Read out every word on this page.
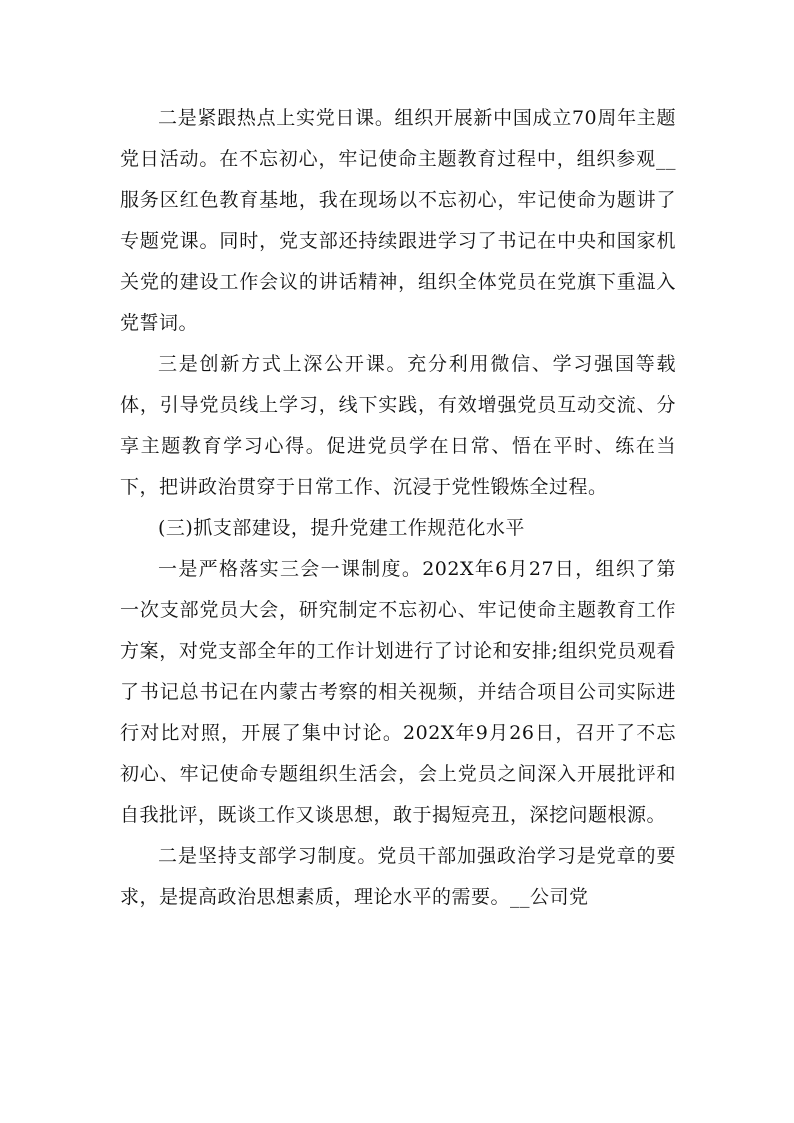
二是紧跟热点上实党日课。组织开展新中国成立70周年主题党日活动。在不忘初心，牢记使命主题教育过程中，组织参观__服务区红色教育基地，我在现场以不忘初心，牢记使命为题讲了专题党课。同时，党支部还持续跟进学习了书记在中央和国家机关党的建设工作会议的讲话精神，组织全体党员在党旗下重温入党誓词。

三是创新方式上深公开课。充分利用微信、学习强国等载体，引导党员线上学习，线下实践，有效增强党员互动交流、分享主题教育学习心得。促进党员学在日常、悟在平时、练在当下，把讲政治贯穿于日常工作、沉浸于党性锻炼全过程。

(三)抓支部建设，提升党建工作规范化水平

一是严格落实三会一课制度。202X年6月27日，组织了第一次支部党员大会，研究制定不忘初心、牢记使命主题教育工作方案，对党支部全年的工作计划进行了讨论和安排;组织党员观看了书记总书记在内蒙古考察的相关视频，并结合项目公司实际进行对比对照，开展了集中讨论。202X年9月26日，召开了不忘初心、牢记使命专题组织生活会，会上党员之间深入开展批评和自我批评，既谈工作又谈思想，敢于揭短亮丑，深挖问题根源。

二是坚持支部学习制度。党员干部加强政治学习是党章的要求，是提高政治思想素质，理论水平的需要。__公司党
